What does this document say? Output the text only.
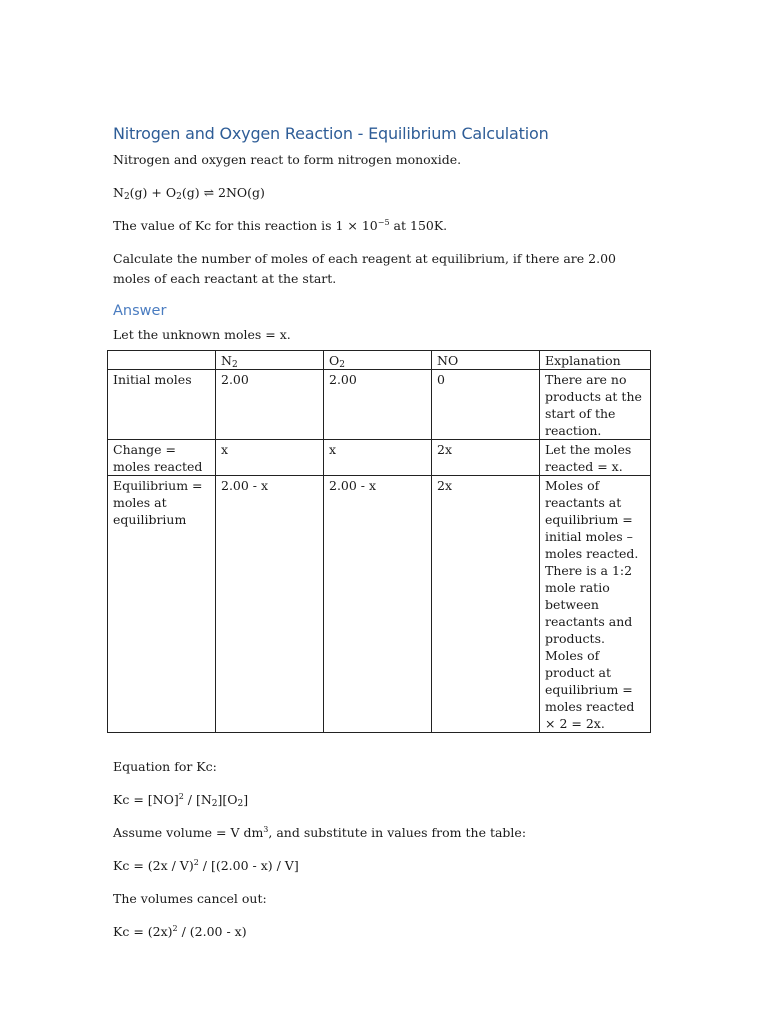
Nitrogen and Oxygen Reaction - Equilibrium Calculation

Nitrogen and oxygen react to form nitrogen monoxide.

$N_2(g) + O_2(g)$ ⇌ 2NO(g)

The value of Kc for this reaction is $1 \times 10^{-5}$ at 150K.

Calculate the number of moles of each reagent at equilibrium, if there are 2.00 moles of each reactant at the start.

Answer

Let the unknown moles = x.

	$N_2$	$O_2$	NO	Explanation
Initial moles	2.00	2.00	0	There are no products at the start of the reaction.
Change = moles reacted	x	x	2x	Let the moles reacted = x.
Equilibrium = moles at equilibrium	2.00 - x	2.00 - x	2x	Moles of reactants at equilibrium = initial moles – moles reacted. There is a 1:2 mole ratio between reactants and products. Moles of product at equilibrium = moles reacted × 2 = 2x.

Equation for Kc:

$Kc = [NO]^2 / [N_2][O_2]$

Assume volume = V $dm^3$, and substitute in values from the table:

Kc = (2x / V)$^2$ / [(2.00 - x) / V]

The volumes cancel out:

$Kc = (2x)^2 / (2.00 - x)$
